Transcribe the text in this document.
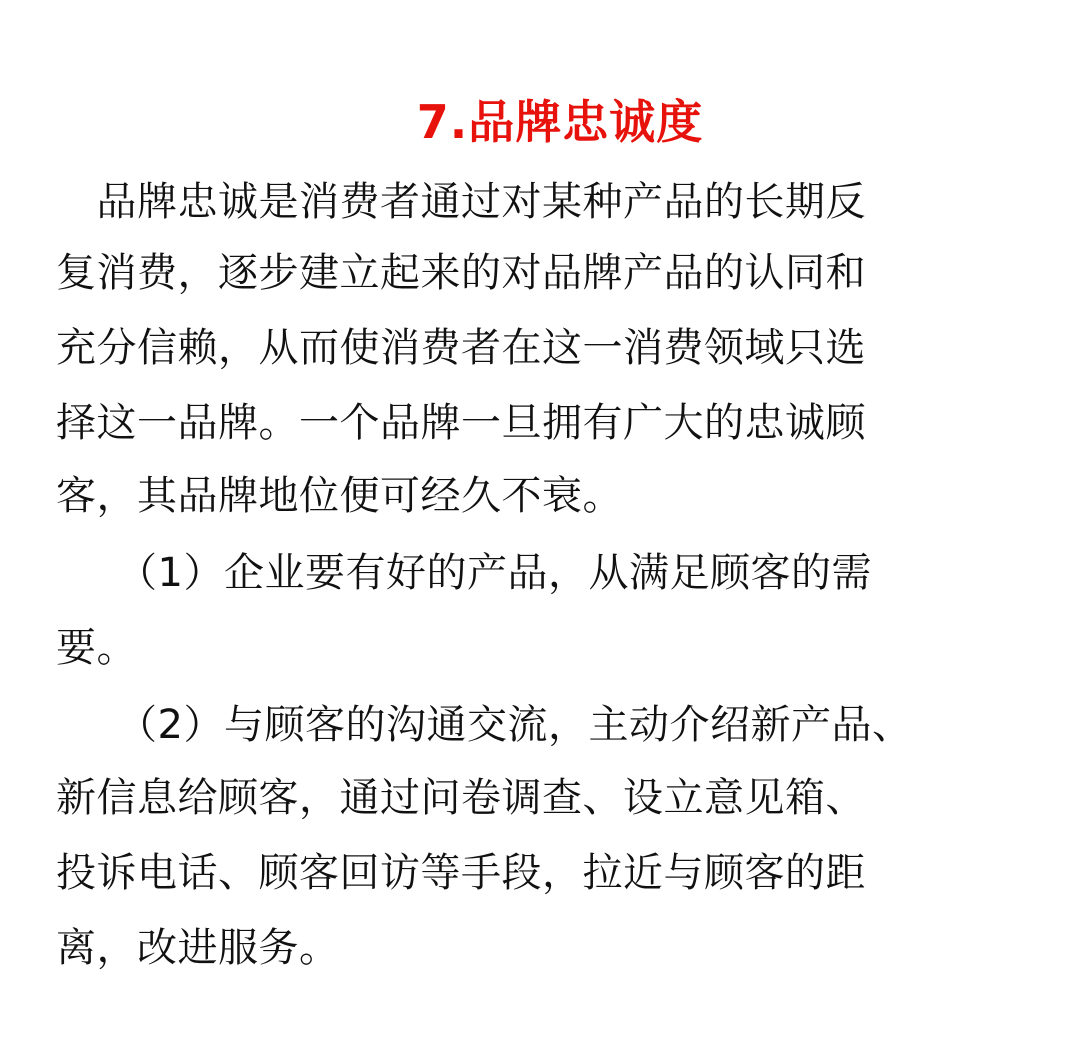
7.品牌忠诚度
　品牌忠诚是消费者通过对某种产品的长期反
复消费，逐步建立起来的对品牌产品的认同和
充分信赖，从而使消费者在这一消费领域只选
择这一品牌。一个品牌一旦拥有广大的忠诚顾
客，其品牌地位便可经久不衰。
　　（1）企业要有好的产品，从满足顾客的需
要。
　　（2）与顾客的沟通交流，主动介绍新产品、
新信息给顾客，通过问卷调查、设立意见箱、
投诉电话、顾客回访等手段，拉近与顾客的距
离，改进服务。
